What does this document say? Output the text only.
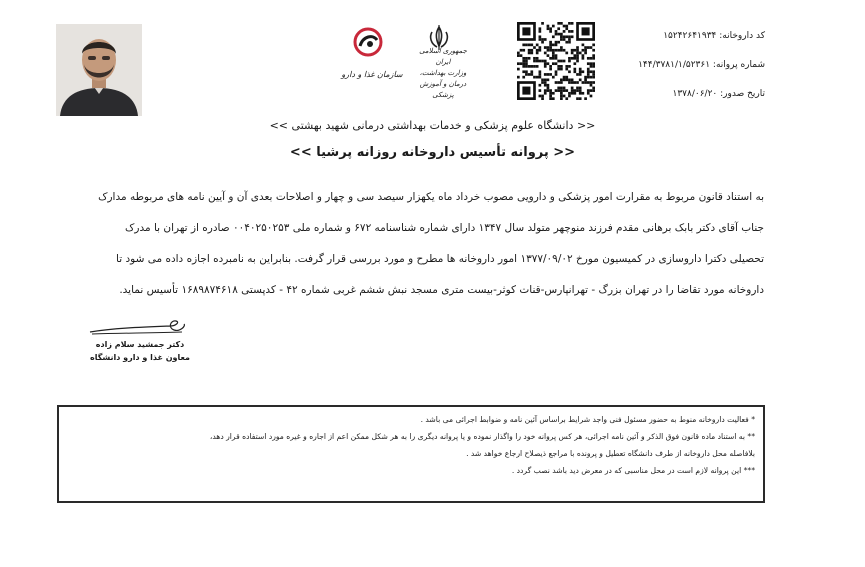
کد داروخانه: ۱۵۲۴۲۶۴۱۹۳۴
شماره پروانه: ۱۴۴/۳۷۸۱/۱/۵۲۳۶۱
تاریخ صدور: ۱۳۷۸/۰۶/۲۰
جمهوری اسلامی ایران
وزارت بهداشت، درمان و آموزش پزشکی
سازمان غذا و دارو
<< دانشگاه علوم پزشکی و خدمات بهداشتی درمانی شهید بهشتی >>
<< پروانه تأسیس داروخانه روزانه پرشیا >>

به استناد قانون مربوط به مقرارت امور پزشکی و دارویی مصوب خرداد ماه یکهزار سیصد سی و چهار و اصلاحات بعدی آن و آیین نامه های مربوطه مدارک

جناب آقای دکتر بابک برهانی مقدم فرزند منوچهر متولد سال ۱۳۴۷ دارای شماره شناسنامه ۶۷۲ و شماره ملی ۰۰۴۰۲۵۰۲۵۳ صادره از تهران با مدرک

تحصیلی دکترا داروسازی در کمیسیون مورخ ۱۳۷۷/۰۹/۰۲ امور داروخانه ها مطرح و مورد بررسی قرار گرفت. بنابراین به نامبرده اجازه داده می شود تا

داروخانه مورد تقاضا را در تهران بزرگ - تهرانپارس-قنات کوثر-بیست متری مسجد نبش ششم غربی شماره ۴۲ - کدپستی ۱۶۸۹۸۷۴۶۱۸ تأسیس نماید.

دکتر جمشید سلام زاده
معاون غذا و دارو دانشگاه
* فعالیت داروخانه منوط به حضور مسئول فنی واجد شرایط براساس آئین نامه و ضوابط اجرائی می باشد .
** به استناد ماده قانون فوق الذکر و آئین نامه اجرائی، هر کس پروانه خود را واگذار نموده و یا پروانه دیگری را به هر شکل ممکن اعم از اجاره و غیره مورد استفاده قرار دهد،
بلافاصله محل داروخانه از طرف دانشگاه تعطیل و پرونده با مراجع ذیصلاح ارجاع خواهد شد .
*** این پروانه لازم است در محل مناسبی که در معرض دید باشد نصب گردد .
